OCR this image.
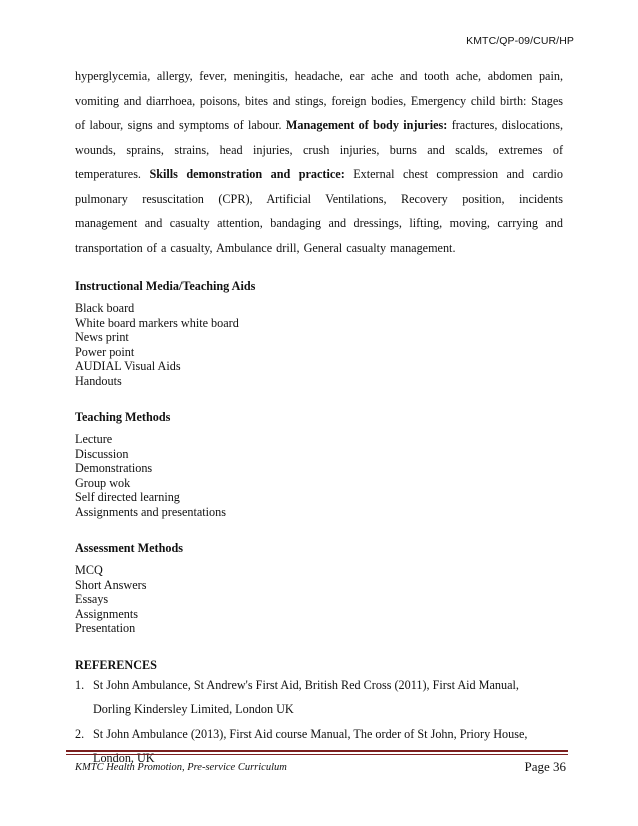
KMTC/QP-09/CUR/HP

hyperglycemia, allergy, fever, meningitis, headache, ear ache and tooth ache, abdomen pain,

vomiting and diarrhoea, poisons, bites and stings, foreign bodies, Emergency child birth: Stages

of labour, signs and symptoms of labour. Management of body injuries: fractures, dislocations,

wounds, sprains, strains, head injuries, crush injuries, burns and scalds, extremes of

temperatures. Skills demonstration and practice: External chest compression and cardio

pulmonary resuscitation (CPR), Artificial Ventilations, Recovery position, incidents

management and casualty attention, bandaging and dressings, lifting, moving, carrying and

transportation of a casualty, Ambulance drill, General casualty management.

Instructional Media/Teaching Aids

Black board
White board markers white board
News print
Power point
AUDIAL Visual Aids
Handouts

Teaching Methods

Lecture
Discussion
Demonstrations
Group wok
Self directed learning
Assignments and presentations

Assessment Methods

MCQ
Short Answers
Essays
Assignments
Presentation

REFERENCES

1. St John Ambulance, St Andrew's First Aid, British Red Cross (2011), First Aid Manual,
Dorling Kindersley Limited, London UK
2. St John Ambulance (2013), First Aid course Manual, The order of St John, Priory House,
London, UK
KMTC Health Promotion, Pre-service Curriculum	Page 36
